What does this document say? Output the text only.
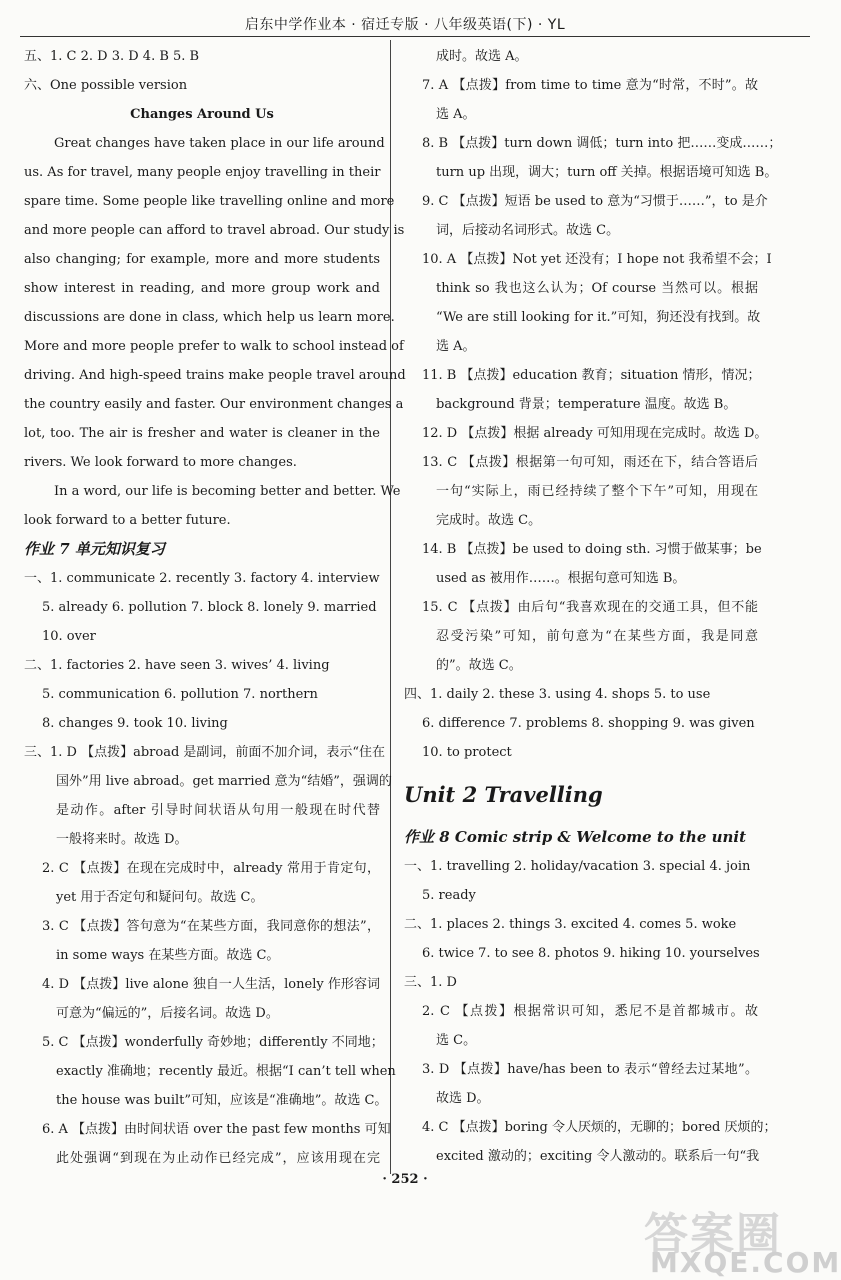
启东中学作业本 · 宿迁专版 · 八年级英语(下) · YL
五、1. C 2. D 3. D 4. B 5. B
六、One possible version
Changes Around Us
Great changes have taken place in our life around
us. As for travel, many people enjoy travelling in their
spare time. Some people like travelling online and more
and more people can afford to travel abroad. Our study is
also changing; for example, more and more students
show interest in reading, and more group work and
discussions are done in class, which help us learn more.
More and more people prefer to walk to school instead of
driving. And high-speed trains make people travel around
the country easily and faster. Our environment changes a
lot, too. The air is fresher and water is cleaner in the
rivers. We look forward to more changes.
In a word, our life is becoming better and better. We
look forward to a better future.
作业 7 单元知识复习
一、1. communicate 2. recently 3. factory 4. interview
5. already 6. pollution 7. block 8. lonely 9. married
10. over
二、1. factories 2. have seen 3. wives’ 4. living
5. communication 6. pollution 7. northern
8. changes 9. took 10. living
三、1. D 【点拨】abroad 是副词，前面不加介词，表示“住在
国外”用 live abroad。get married 意为“结婚”，强调的
是动作。after 引导时间状语从句用一般现在时代替
一般将来时。故选 D。
2. C 【点拨】在现在完成时中，already 常用于肯定句，
yet 用于否定句和疑问句。故选 C。
3. C 【点拨】答句意为“在某些方面，我同意你的想法”，
in some ways 在某些方面。故选 C。
4. D 【点拨】live alone 独自一人生活，lonely 作形容词
可意为“偏远的”，后接名词。故选 D。
5. C 【点拨】wonderfully 奇妙地；differently 不同地；
exactly 准确地；recently 最近。根据“I can’t tell when
the house was built”可知，应该是“准确地”。故选 C。
6. A 【点拨】由时间状语 over the past few months 可知
此处强调“到现在为止动作已经完成”，应该用现在完
成时。故选 A。
7. A 【点拨】from time to time 意为“时常，不时”。故
选 A。
8. B 【点拨】turn down 调低；turn into 把……变成……；
turn up 出现，调大；turn off 关掉。根据语境可知选 B。
9. C 【点拨】短语 be used to 意为“习惯于……”，to 是介
词，后接动名词形式。故选 C。
10. A 【点拨】Not yet 还没有；I hope not 我希望不会；I
think so 我也这么认为；Of course 当然可以。根据
“We are still looking for it.”可知，狗还没有找到。故
选 A。
11. B 【点拨】education 教育；situation 情形，情况；
background 背景；temperature 温度。故选 B。
12. D 【点拨】根据 already 可知用现在完成时。故选 D。
13. C 【点拨】根据第一句可知，雨还在下，结合答语后
一句“实际上，雨已经持续了整个下午”可知，用现在
完成时。故选 C。
14. B 【点拨】be used to doing sth. 习惯于做某事；be
used as 被用作……。根据句意可知选 B。
15. C 【点拨】由后句“我喜欢现在的交通工具，但不能
忍受污染”可知，前句意为“在某些方面，我是同意
的”。故选 C。
四、1. daily 2. these 3. using 4. shops 5. to use
6. difference 7. problems 8. shopping 9. was given
10. to protect
Unit 2 Travelling
作业 8 Comic strip & Welcome to the unit
一、1. travelling 2. holiday/vacation 3. special 4. join
5. ready
二、1. places 2. things 3. excited 4. comes 5. woke
6. twice 7. to see 8. photos 9. hiking 10. yourselves
三、1. D
2. C 【点拨】根据常识可知，悉尼不是首都城市。故
选 C。
3. D 【点拨】have/has been to 表示“曾经去过某地”。
故选 D。
4. C 【点拨】boring 令人厌烦的，无聊的；bored 厌烦的；
excited 激动的；exciting 令人激动的。联系后一句“我
· 252 ·
答案圈
MXQE.COM
